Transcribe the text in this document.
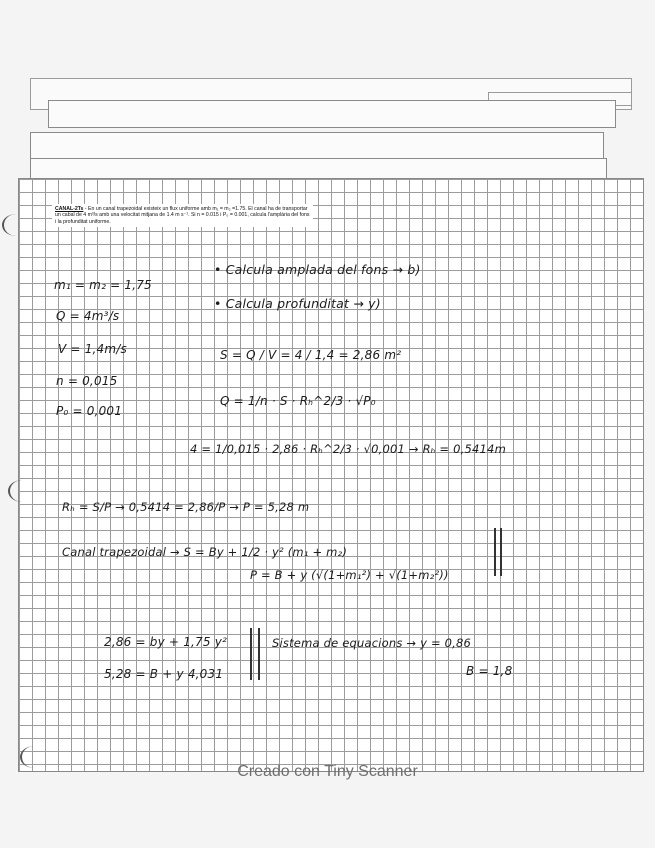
CANAL-2Ts - En un canal trapezoidal existeix un flux uniforme amb m₁ = m₂ =1.75. El canal ha de transportar un cabal de 4 m³/s amb una velocitat mitjana de 1.4 m s⁻¹. Si n = 0.015 i P₀ = 0.001, calcula l'amplària del fons i la profunditat uniforme.
m₁ = m₂ = 1,75
Q = 4m³/s
V = 1,4m/s
n = 0,015
P₀ = 0,001
• Calcula amplada del fons → b)
• Calcula profunditat → y)
S = Q / V = 4 / 1,4 = 2,86 m²
Q = 1/n · S · Rₕ^2/3 · √P₀
4 = 1/0,015 · 2,86 · Rₕ^2/3 · √0,001 → Rₕ = 0,5414m
Rₕ = S/P → 0,5414 = 2,86/P → P = 5,28 m
Canal trapezoidal → S = By + 1/2 · y² (m₁ + m₂)
P = B + y (√(1+m₁²) + √(1+m₂²))
2,86 = by + 1,75 y²
5,28 = B + y 4,031
Sistema de equacions → y = 0,86
B = 1,8
Creado con Tiny Scanner
